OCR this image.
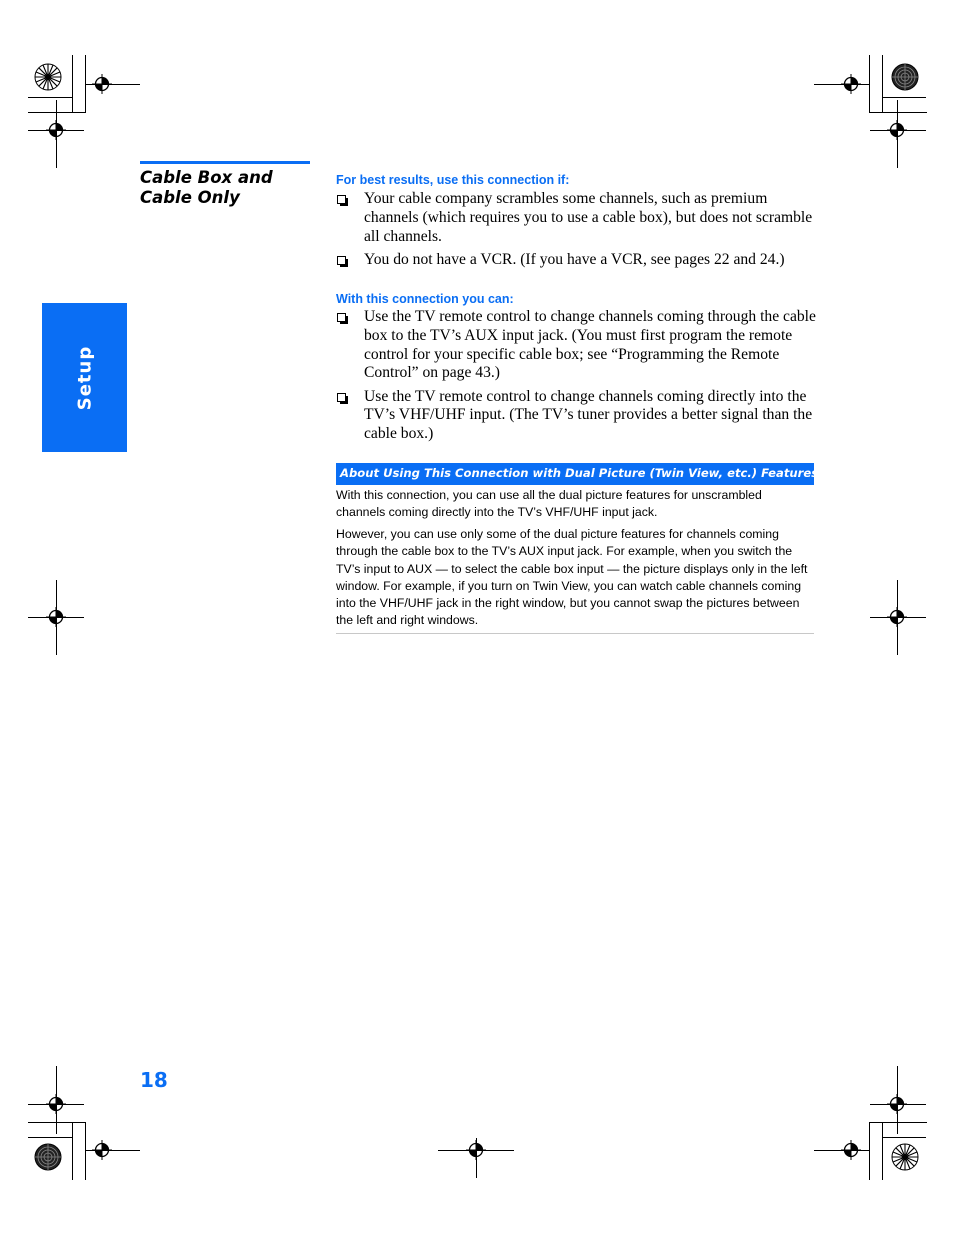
Setup
Cable Box and
Cable Only
For best results, use this connection if:
Your cable company scrambles some channels, such as premium channels (which requires you to use a cable box), but does not scramble all channels.
You do not have a VCR. (If you have a VCR, see pages 22 and 24.)
With this connection you can:
Use the TV remote control to change channels coming through the cable box to the TV’s AUX input jack. (You must first program the remote control for your specific cable box; see “Programming the Remote Control” on page 43.)
Use the TV remote control to change channels coming directly into the TV’s VHF/UHF input. (The TV’s tuner provides a better signal than the cable box.)
About Using This Connection with Dual Picture (Twin View, etc.) Features

With this connection, you can use all the dual picture features for unscrambled channels coming directly into the TV’s VHF/UHF input jack.

However, you can use only some of the dual picture features for channels coming through the cable box to the TV’s AUX input jack. For example, when you switch the TV’s input to AUX — to select the cable box input — the picture displays only in the left window. For example, if you turn on Twin View, you can watch cable channels coming into the VHF/UHF jack in the right window, but you cannot swap the pictures between the left and right windows.

18
